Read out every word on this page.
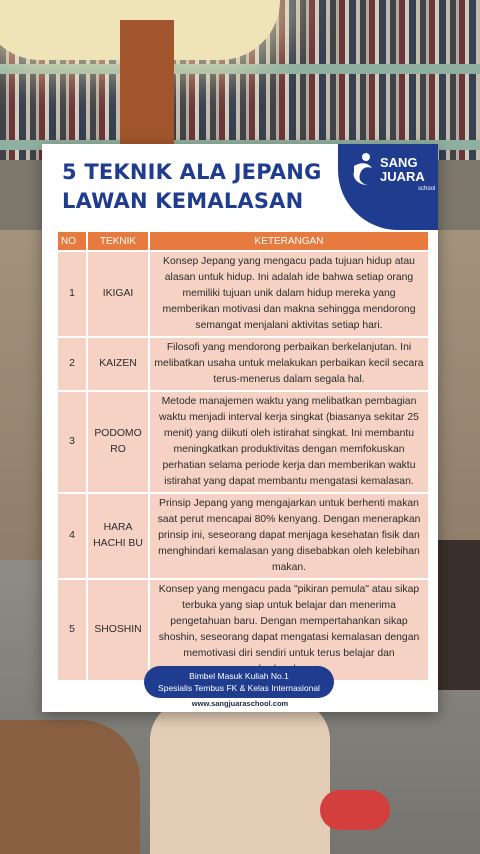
5 TEKNIK ALA JEPANG
LAWAN KEMALASAN
SANG
JUARA
school
NO	TEKNIK	KETERANGAN
1	IKIGAI	Konsep Jepang yang mengacu pada tujuan hidup atau alasan untuk hidup. Ini adalah ide bahwa setiap orang memiliki tujuan unik dalam hidup mereka yang memberikan motivasi dan makna sehingga mendorong semangat menjalani aktivitas setiap hari.
2	KAIZEN	Filosofi yang mendorong perbaikan berkelanjutan. Ini melibatkan usaha untuk melakukan perbaikan kecil secara terus-menerus dalam segala hal.
3	PODOMO RO	Metode manajemen waktu yang melibatkan pembagian waktu menjadi interval kerja singkat (biasanya sekitar 25 menit) yang diikuti oleh istirahat singkat. Ini membantu meningkatkan produktivitas dengan memfokuskan perhatian selama periode kerja dan memberikan waktu istirahat yang dapat membantu mengatasi kemalasan.
4	HARA HACHI BU	Prinsip Jepang yang mengajarkan untuk berhenti makan saat perut mencapai 80% kenyang. Dengan menerapkan prinsip ini, seseorang dapat menjaga kesehatan fisik dan menghindari kemalasan yang disebabkan oleh kelebihan makan.
5	SHOSHIN	Konsep yang mengacu pada "pikiran pemula" atau sikap terbuka yang siap untuk belajar dan menerima pengetahuan baru. Dengan mempertahankan sikap shoshin, seseorang dapat mengatasi kemalasan dengan memotivasi diri sendiri untuk terus belajar dan
Bimbel Masuk Kuliah No.1
Spesialis Tembus FK & Kelas Internasional
www.sangjuaraschool.com
